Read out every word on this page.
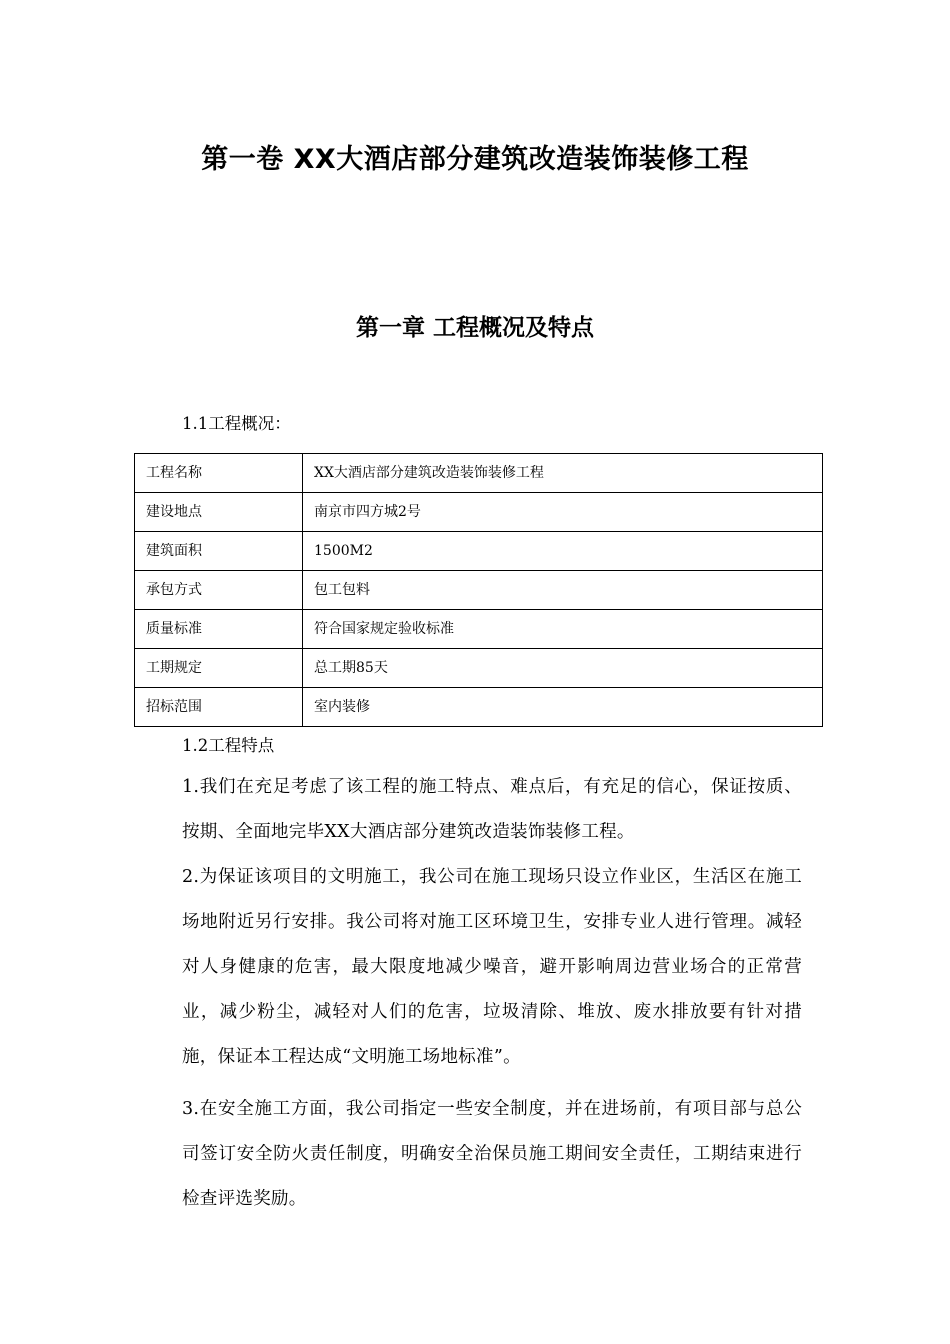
第一卷 XX大酒店部分建筑改造装饰装修工程
第一章 工程概况及特点
1.1工程概况：
工程名称	XX大酒店部分建筑改造装饰装修工程
建设地点	南京市四方城2号
建筑面积	1500M2
承包方式	包工包料
质量标准	符合国家规定验收标准
工期规定	总工期85天
招标范围	室内装修
1.2工程特点
1.我们在充足考虑了该工程的施工特点、难点后，有充足的信心，保证按质、按期、全面地完毕XX大酒店部分建筑改造装饰装修工程。
2.为保证该项目的文明施工，我公司在施工现场只设立作业区，生活区在施工场地附近另行安排。我公司将对施工区环境卫生，安排专业人进行管理。减轻对人身健康的危害，最大限度地减少噪音，避开影响周边营业场合的正常营业，减少粉尘，减轻对人们的危害，垃圾清除、堆放、废水排放要有针对措施，保证本工程达成“文明施工场地标准”。
3.在安全施工方面，我公司指定一些安全制度，并在进场前，有项目部与总公司签订安全防火责任制度，明确安全治保员施工期间安全责任，工期结束进行检查评选奖励。
